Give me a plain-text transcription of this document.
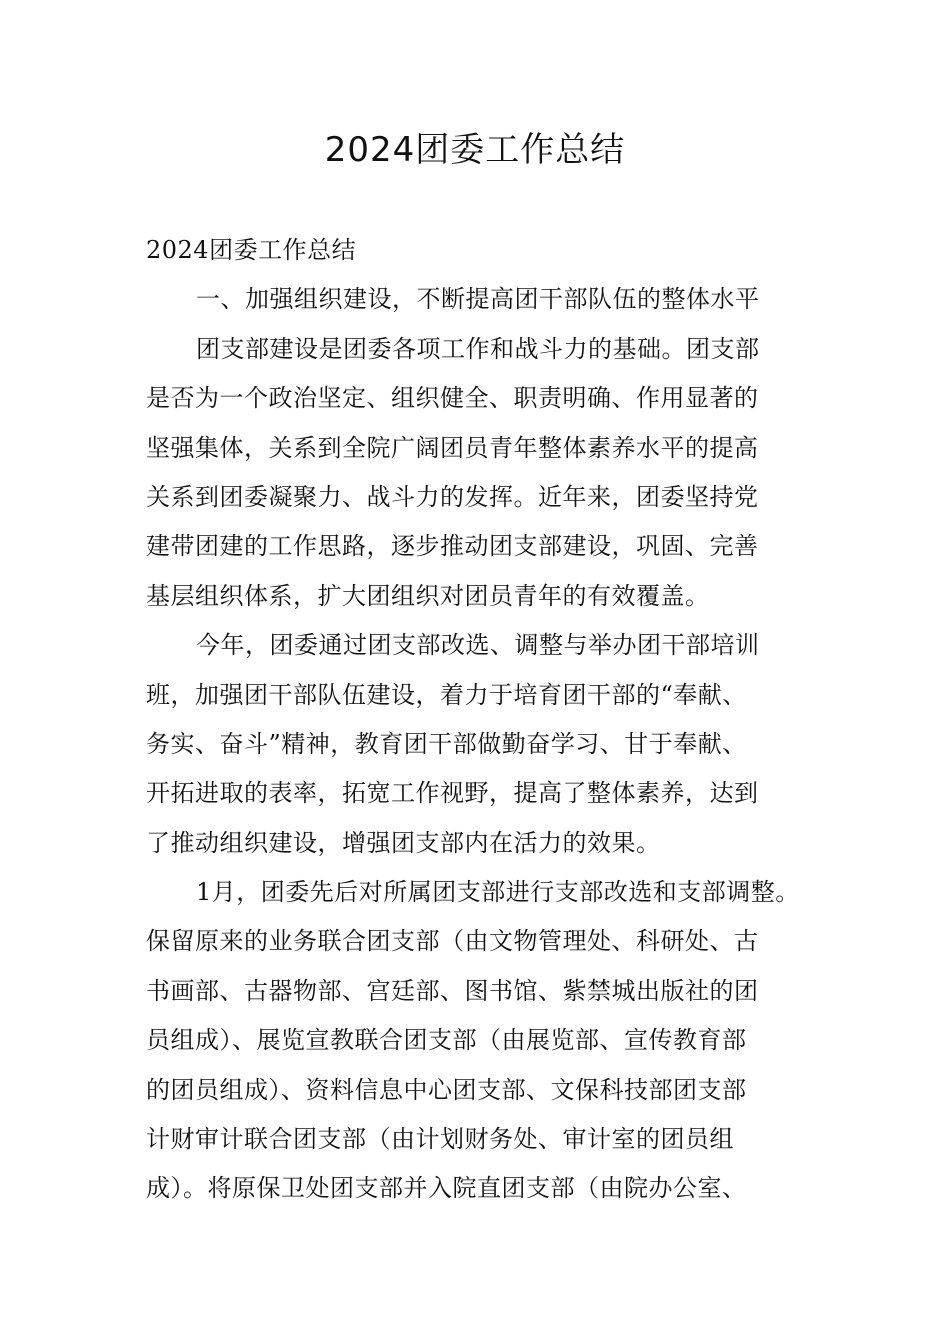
2024团委工作总结
2024团委工作总结
一、加强组织建设，不断提高团干部队伍的整体水平
团支部建设是团委各项工作和战斗力的基础。团支部
是否为一个政治坚定、组织健全、职责明确、作用显著的
坚强集体，关系到全院广阔团员青年整体素养水平的提高
关系到团委凝聚力、战斗力的发挥。近年来，团委坚持党
建带团建的工作思路，逐步推动团支部建设，巩固、完善
基层组织体系，扩大团组织对团员青年的有效覆盖。
今年，团委通过团支部改选、调整与举办团干部培训
班，加强团干部队伍建设，着力于培育团干部的“奉献、
务实、奋斗”精神，教育团干部做勤奋学习、甘于奉献、
开拓进取的表率，拓宽工作视野，提高了整体素养，达到
了推动组织建设，增强团支部内在活力的效果。
1月，团委先后对所属团支部进行支部改选和支部调整。
保留原来的业务联合团支部（由文物管理处、科研处、古
书画部、古器物部、宫廷部、图书馆、紫禁城出版社的团
员组成）、展览宣教联合团支部（由展览部、宣传教育部
的团员组成）、资料信息中心团支部、文保科技部团支部
计财审计联合团支部（由计划财务处、审计室的团员组
成）。将原保卫处团支部并入院直团支部（由院办公室、
